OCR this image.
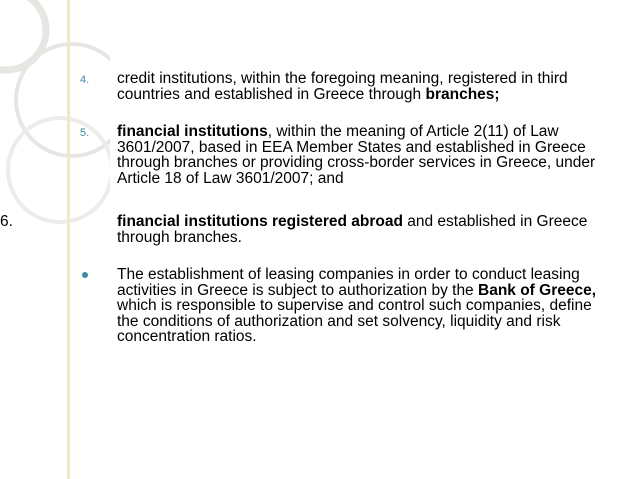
4. credit institutions, within the foregoing meaning, registered in third countries and established in Greece through branches;
5. financial institutions, within the meaning of Article 2(11) of Law 3601/2007, based in EEA Member States and established in Greece through branches or providing cross-border services in Greece, under Article 18 of Law 3601/2007; and
6.	financial institutions registered abroad and established in Greece through branches.
The establishment of leasing companies in order to conduct leasing activities in Greece is subject to authorization by the Bank of Greece, which is responsible to supervise and control such companies, define the conditions of authorization and set solvency, liquidity and risk concentration ratios.
